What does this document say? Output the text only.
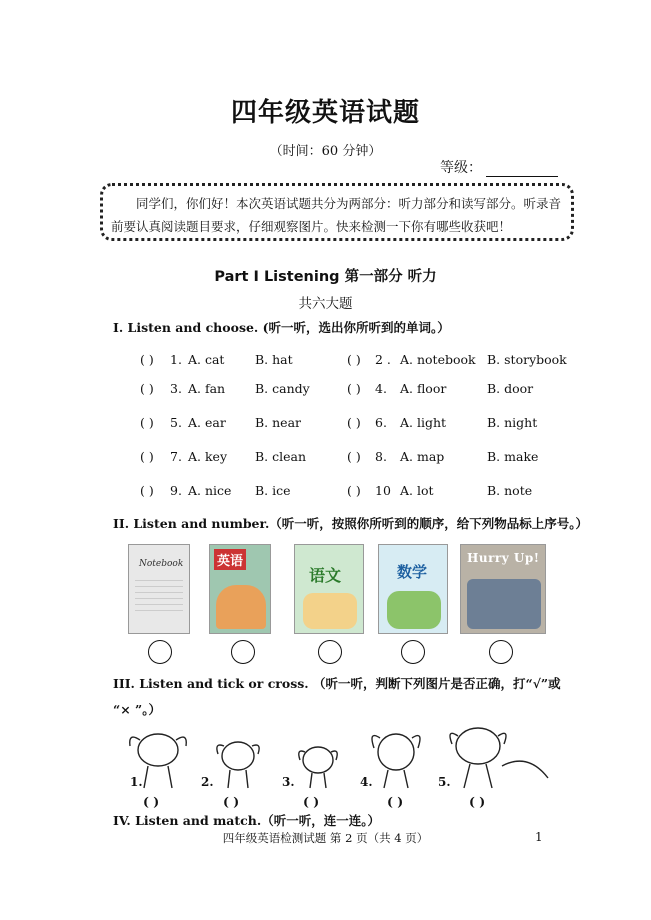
四年级英语试题
（时间：60 分钟）
等级：

同学们，你们好！本次英语试题共分为两部分：听力部分和读写部分。听录音前要认真阅读题目要求，仔细观察图片。快来检测一下你有哪些收获吧！

Part I Listening 第一部分 听力
共六大题
I. Listen and choose. (听一听，选出你所听到的单词。）
( ) 1. A. cat B. hat	( ) 2 . A. notebook B. storybook
( ) 3. A. fan B. candy	( ) 4. A. floor	B. door
( ) 5. A. ear B. near	( ) 6. A. light	B. night
( ) 7. A. key B. clean	( ) 8. A. map	B. make
( ) 9. A. nice B. ice	( ) 10 A. lot	B. note
II. Listen and number.（听一听，按照你所听到的顺序，给下列物品标上序号。）
Notebook	英语
语文	数学
Hurry Up!
III. Listen and tick or cross. （听一听，判断下列图片是否正确，打“√”或
“× ”。）
1.	2.	3.	4.	5.
( )	( )	( )	( )	( )
IV. Listen and match.（听一听，连一连。）
四年级英语检测试题 第 2 页（共 4 页）	1
